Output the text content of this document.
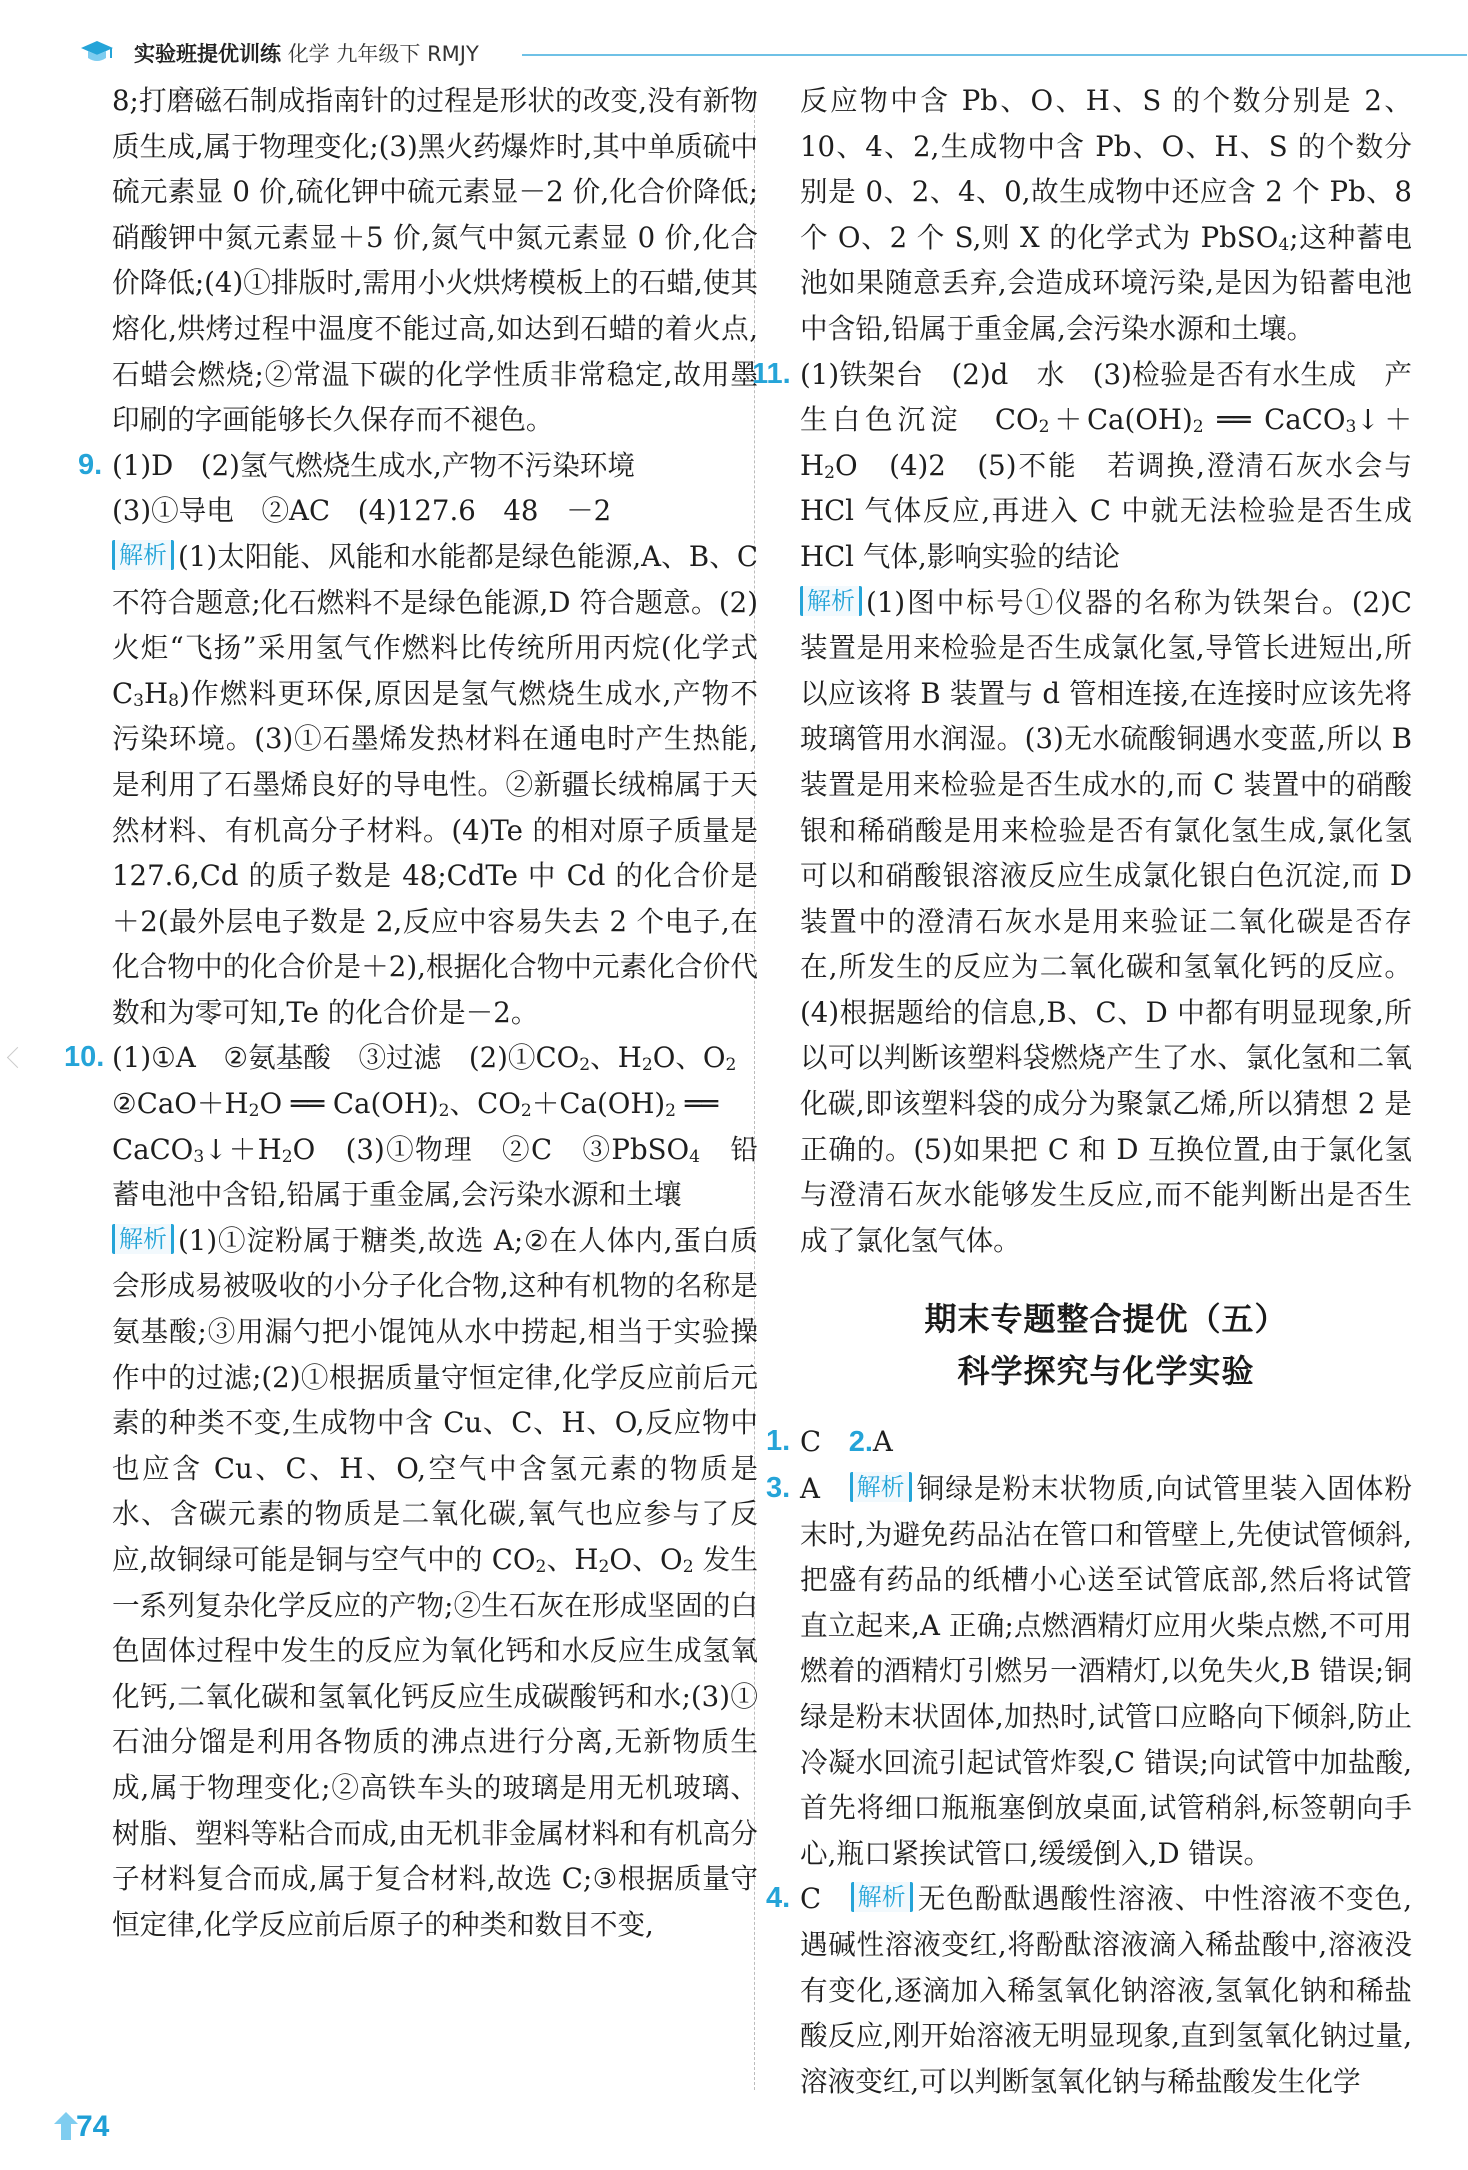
实验班提优训练 化学 九年级下 RMJY

8;打磨磁石制成指南针的过程是形状的改变,没有新物质生成,属于物理变化;(3)黑火药爆炸时,其中单质硫中硫元素显 0 价,硫化钾中硫元素显－2 价,化合价降低;硝酸钾中氮元素显＋5 价,氮气中氮元素显 0 价,化合价降低;(4)①排版时,需用小火烘烤模板上的石蜡,使其熔化,烘烤过程中温度不能过高,如达到石蜡的着火点,石蜡会燃烧;②常温下碳的化学性质非常稳定,故用墨印刷的字画能够长久保存而不褪色。

9. (1)D　(2)氢气燃烧生成水,产物不污染环境

(3)①导电　②AC　(4)127.6　48　－2

解析 (1)太阳能、风能和水能都是绿色能源,A、B、C 不符合题意;化石燃料不是绿色能源,D 符合题意。(2)火炬“飞扬”采用氢气作燃料比传统所用丙烷(化学式 $C_3H_8$)作燃料更环保,原因是氢气燃烧生成水,产物不污染环境。(3)①石墨烯发热材料在通电时产生热能,是利用了石墨烯良好的导电性。②新疆长绒棉属于天然材料、有机高分子材料。(4)Te 的相对原子质量是 127.6,Cd 的质子数是 48;CdTe 中 Cd 的化合价是＋2(最外层电子数是 2,反应中容易失去 2 个电子,在化合物中的化合价是＋2),根据化合物中元素化合价代数和为零可知,Te 的化合价是－2。

10. (1)①A　②氨基酸　③过滤　$(2)①CO_2$、$H_2O$、$O_2$

$②CaO+H_2O$ ══ $Ca(OH)_2$、$CO_2+Ca(OH)_2$ ══

$CaCO_3↓+H_2O$　(3)①物理　②C　③PbSO$_4$　铅蓄电池中含铅,铅属于重金属,会污染水源和土壤

解析 (1)①淀粉属于糖类,故选 A;②在人体内,蛋白质会形成易被吸收的小分子化合物,这种有机物的名称是氨基酸;③用漏勺把小馄饨从水中捞起,相当于实验操作中的过滤;(2)①根据质量守恒定律,化学反应前后元素的种类不变,生成物中含 Cu、C、H、O,反应物中也应含 Cu、C、H、O,空气中含氢元素的物质是水、含碳元素的物质是二氧化碳,氧气也应参与了反应,故铜绿可能是铜与空气中的 $CO_2$、$H_2O$、$O_2$ 发生一系列复杂化学反应的产物;②生石灰在形成坚固的白色固体过程中发生的反应为氧化钙和水反应生成氢氧化钙,二氧化碳和氢氧化钙反应生成碳酸钙和水;(3)①石油分馏是利用各物质的沸点进行分离,无新物质生成,属于物理变化;②高铁车头的玻璃是用无机玻璃、树脂、塑料等粘合而成,由无机非金属材料和有机高分子材料复合而成,属于复合材料,故选 C;③根据质量守恒定律,化学反应前后原子的种类和数目不变,

反应物中含 Pb、O、H、S 的个数分别是 2、10、4、2,生成物中含 Pb、O、H、S 的个数分别是 0、2、4、0,故生成物中还应含 2 个 Pb、8 个 O、2 个 S,则 X 的化学式为 PbSO$_4$;这种蓄电池如果随意丢弃,会造成环境污染,是因为铅蓄电池中含铅,铅属于重金属,会污染水源和土壤。

11. (1)铁架台　(2)d　水　(3)检验是否有水生成　产生白色沉淀　$CO_2+Ca(OH)_2$ ══ $CaCO_3↓+H_2O$　(4)2　(5)不能　若调换,澄清石灰水会与 HCl 气体反应,再进入 C 中就无法检验是否生成 HCl 气体,影响实验的结论

解析 (1)图中标号①仪器的名称为铁架台。(2)C 装置是用来检验是否生成氯化氢,导管长进短出,所以应该将 B 装置与 d 管相连接,在连接时应该先将玻璃管用水润湿。(3)无水硫酸铜遇水变蓝,所以 B 装置是用来检验是否生成水的,而 C 装置中的硝酸银和稀硝酸是用来检验是否有氯化氢生成,氯化氢可以和硝酸银溶液反应生成氯化银白色沉淀,而 D 装置中的澄清石灰水是用来验证二氧化碳是否存在,所发生的反应为二氧化碳和氢氧化钙的反应。(4)根据题给的信息,B、C、D 中都有明显现象,所以可以判断该塑料袋燃烧产生了水、氯化氢和二氧化碳,即该塑料袋的成分为聚氯乙烯,所以猜想 2 是正确的。(5)如果把 C 和 D 互换位置,由于氯化氢与澄清石灰水能够发生反应,而不能判断出是否生成了氯化氢气体。

期末专题整合提优（五）
科学探究与化学实验
1. C　2.A

3. A　解析 铜绿是粉末状物质,向试管里装入固体粉末时,为避免药品沾在管口和管壁上,先使试管倾斜,把盛有药品的纸槽小心送至试管底部,然后将试管直立起来,A 正确;点燃酒精灯应用火柴点燃,不可用燃着的酒精灯引燃另一酒精灯,以免失火,B 错误;铜绿是粉末状固体,加热时,试管口应略向下倾斜,防止冷凝水回流引起试管炸裂,C 错误;向试管中加盐酸,首先将细口瓶瓶塞倒放桌面,试管稍斜,标签朝向手心,瓶口紧挨试管口,缓缓倒入,D 错误。

4. C　解析 无色酚酞遇酸性溶液、中性溶液不变色,遇碱性溶液变红,将酚酞溶液滴入稀盐酸中,溶液没有变化,逐滴加入稀氢氧化钠溶液,氢氧化钠和稀盐酸反应,刚开始溶液无明显现象,直到氢氧化钠过量,溶液变红,可以判断氢氧化钠与稀盐酸发生化学

74
